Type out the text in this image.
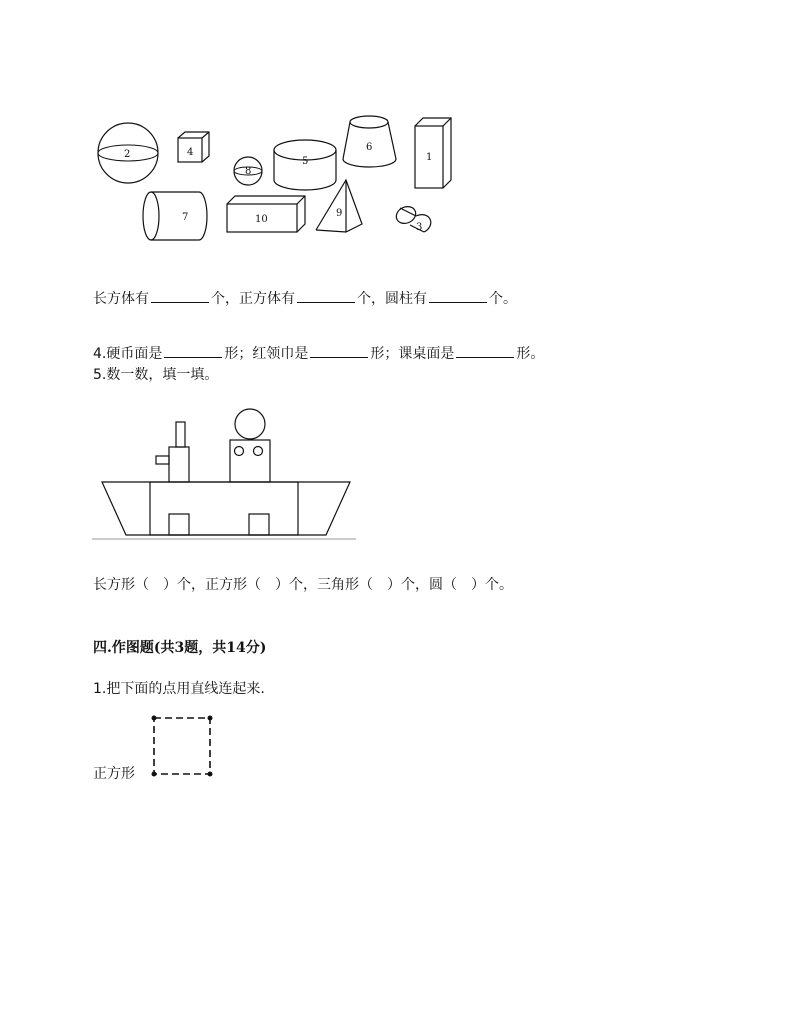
2	4
8
5
6
1
7	10
9
3
长方体有	个，正方体有	个，圆柱有	个。
4.硬币面是	形；红领巾是	形；课桌面是	形。
5.数一数，填一填。
长方形（　）个，正方形（　）个，三角形（　）个，圆（　）个。
四.作图题(共3题，共14分)
1.把下面的点用直线连起来.
正方形
